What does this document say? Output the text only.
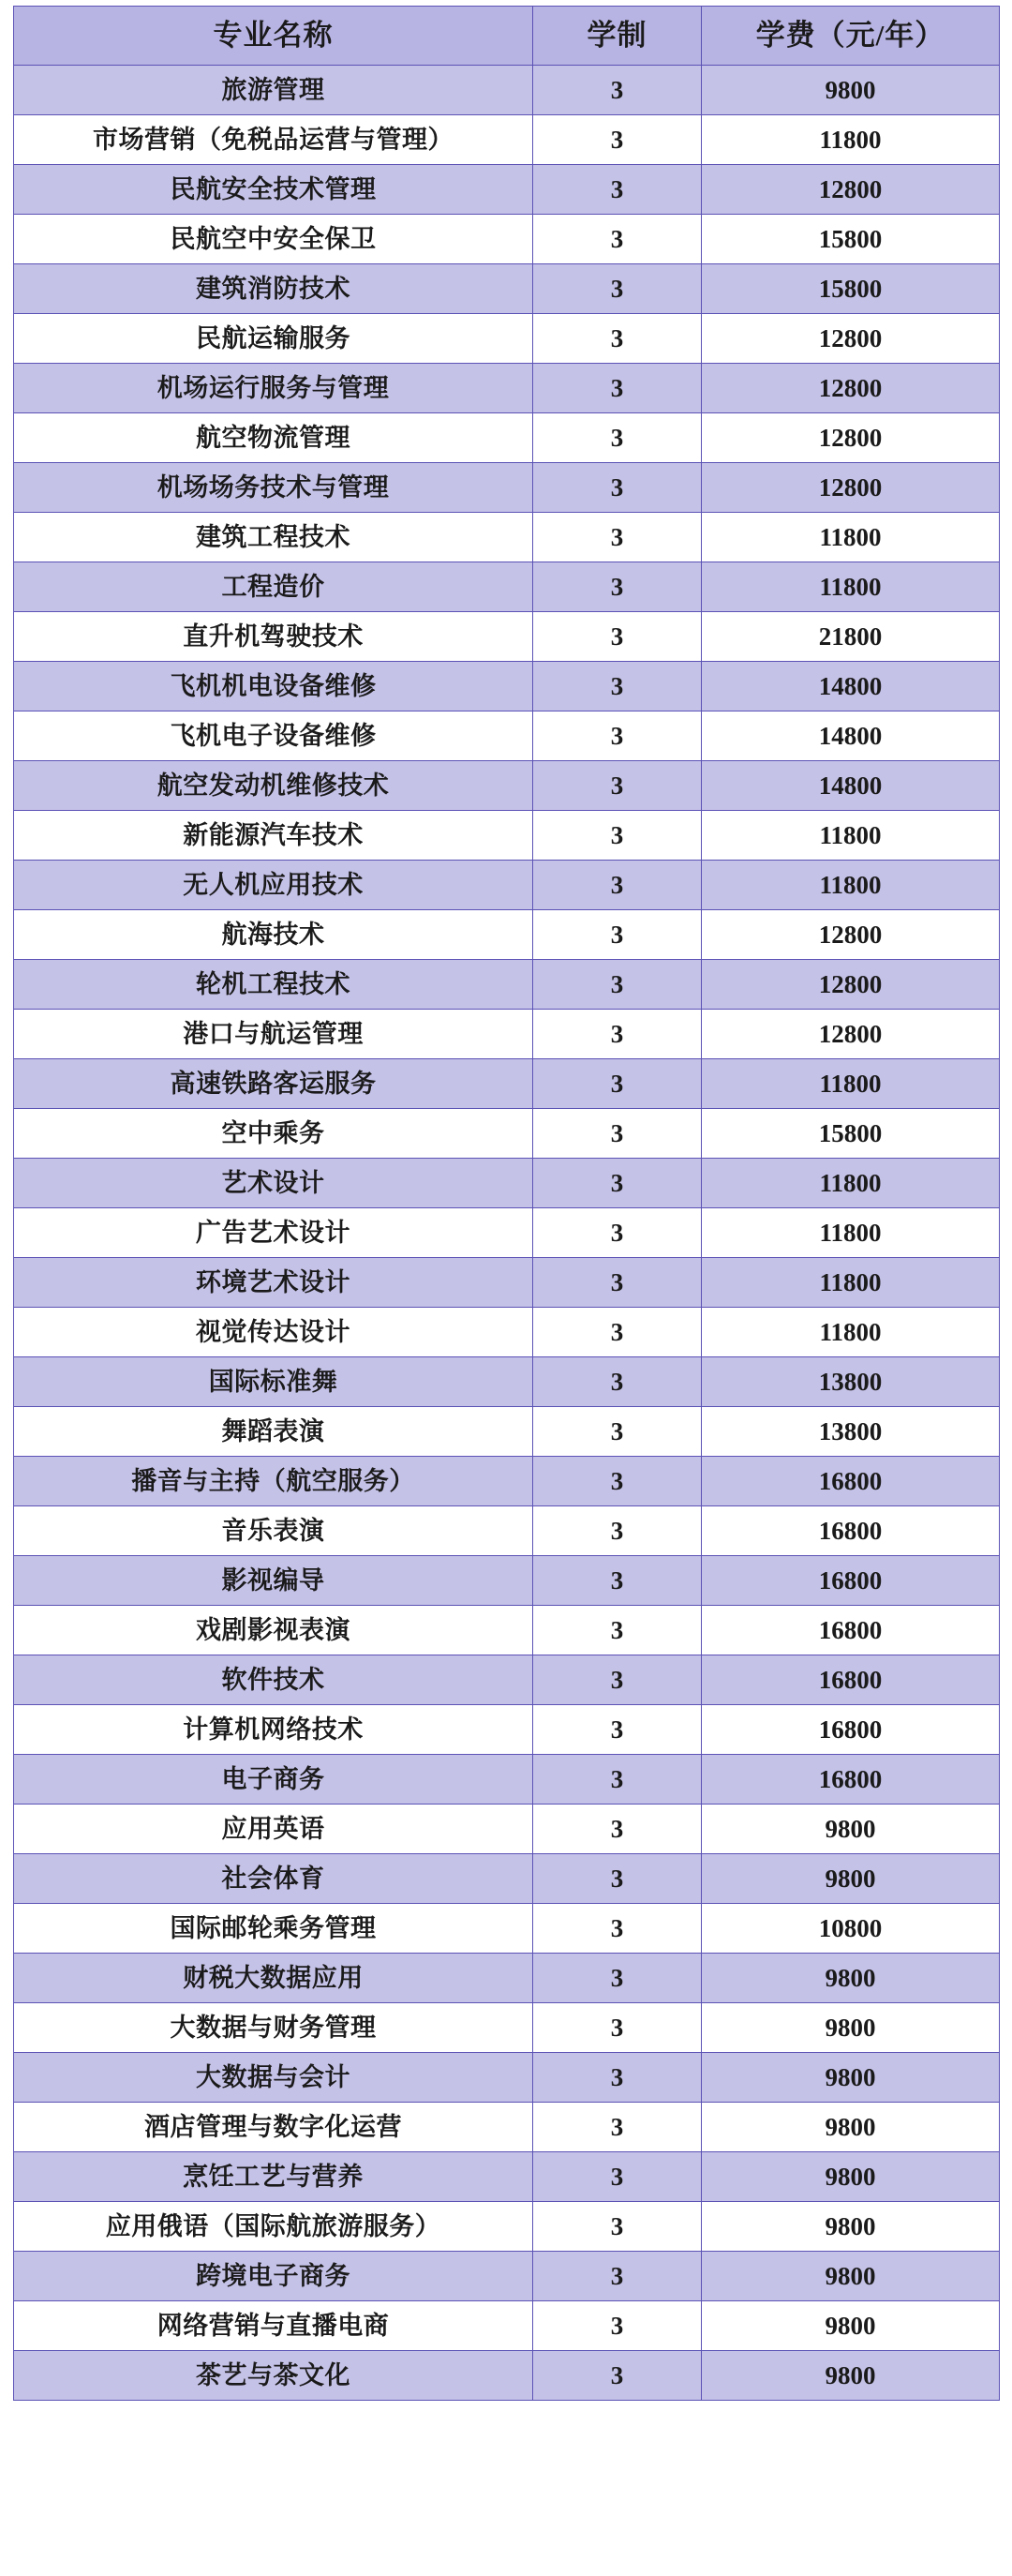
专业名称	学制	学费（元/年）
旅游管理	3	9800
市场营销（免税品运营与管理）	3	11800
民航安全技术管理	3	12800
民航空中安全保卫	3	15800
建筑消防技术	3	15800
民航运输服务	3	12800
机场运行服务与管理	3	12800
航空物流管理	3	12800
机场场务技术与管理	3	12800
建筑工程技术	3	11800
工程造价	3	11800
直升机驾驶技术	3	21800
飞机机电设备维修	3	14800
飞机电子设备维修	3	14800
航空发动机维修技术	3	14800
新能源汽车技术	3	11800
无人机应用技术	3	11800
航海技术	3	12800
轮机工程技术	3	12800
港口与航运管理	3	12800
高速铁路客运服务	3	11800
空中乘务	3	15800
艺术设计	3	11800
广告艺术设计	3	11800
环境艺术设计	3	11800
视觉传达设计	3	11800
国际标准舞	3	13800
舞蹈表演	3	13800
播音与主持（航空服务）	3	16800
音乐表演	3	16800
影视编导	3	16800
戏剧影视表演	3	16800
软件技术	3	16800
计算机网络技术	3	16800
电子商务	3	16800
应用英语	3	9800
社会体育	3	9800
国际邮轮乘务管理	3	10800
财税大数据应用	3	9800
大数据与财务管理	3	9800
大数据与会计	3	9800
酒店管理与数字化运营	3	9800
烹饪工艺与营养	3	9800
应用俄语（国际航旅游服务）	3	9800
跨境电子商务	3	9800
网络营销与直播电商	3	9800
茶艺与茶文化	3	9800
